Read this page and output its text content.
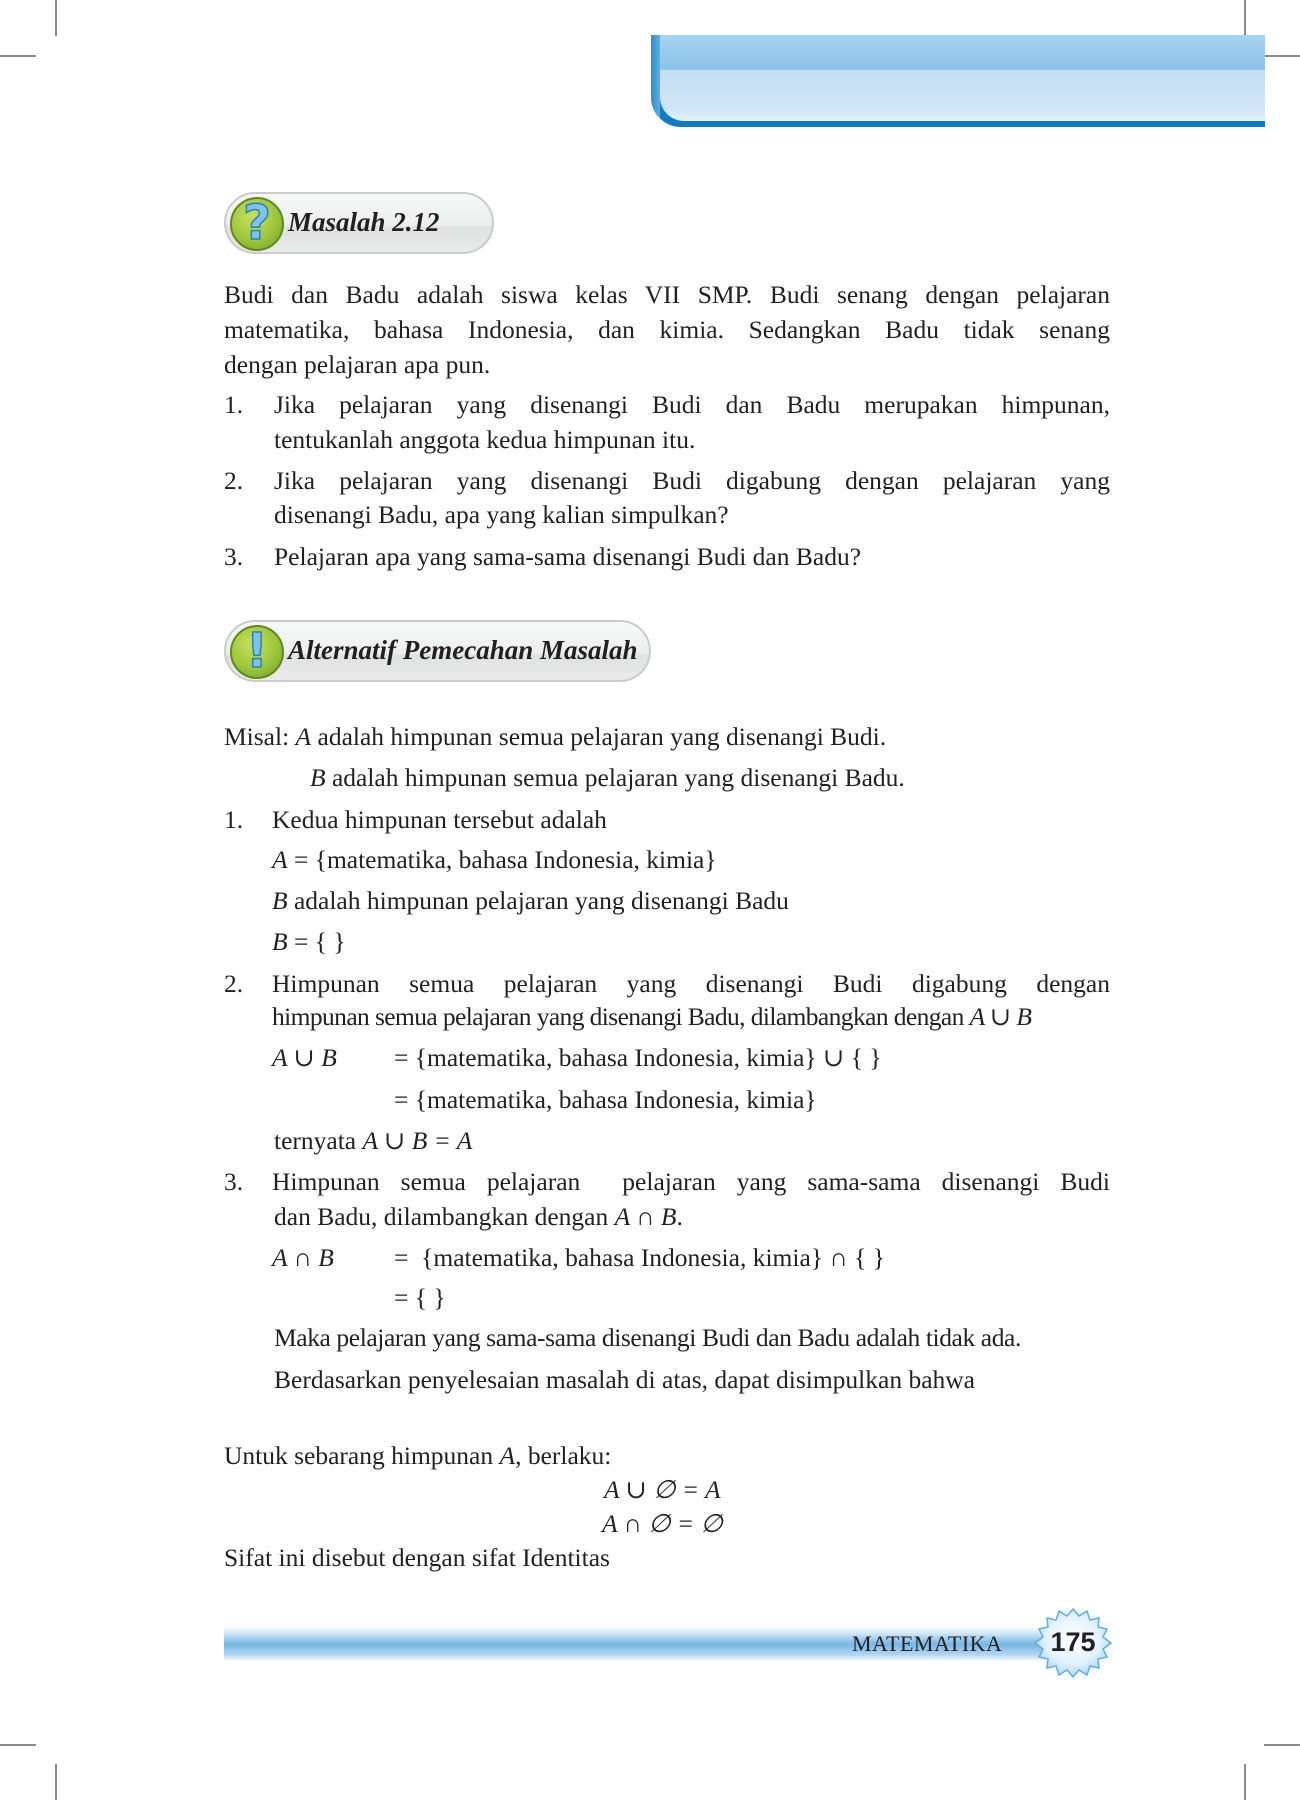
? Masalah 2.12
Budi dan Badu adalah siswa kelas VII SMP. Budi senang dengan pelajaran
matematika, bahasa Indonesia, dan kimia. Sedangkan Badu tidak senang
dengan pelajaran apa pun.
1. Jika pelajaran yang disenangi Budi dan Badu merupakan himpunan,
tentukanlah anggota kedua himpunan itu.
2. Jika pelajaran yang disenangi Budi digabung dengan pelajaran yang
disenangi Badu, apa yang kalian simpulkan?
3. Pelajaran apa yang sama-sama disenangi Budi dan Badu?
! Alternatif Pemecahan Masalah
Misal: A adalah himpunan semua pelajaran yang disenangi Budi.
B adalah himpunan semua pelajaran yang disenangi Badu.
1. Kedua himpunan tersebut adalah
A = {matematika, bahasa Indonesia, kimia}
B adalah himpunan pelajaran yang disenangi Badu
B = { }
2. Himpunan semua pelajaran yang disenangi Budi digabung dengan
himpunan semua pelajaran yang disenangi Badu, dilambangkan dengan A ∪ B
A ∪ B = {matematika, bahasa Indonesia, kimia} ∪ { }
= {matematika, bahasa Indonesia, kimia}
ternyata A ∪ B = A
3. Himpunan semua pelajaran  pelajaran yang sama-sama disenangi Budi
dan Badu, dilambangkan dengan A ∩ B.
A ∩ B =  {matematika, bahasa Indonesia, kimia} ∩ { }
= { }
Maka pelajaran yang sama-sama disenangi Budi dan Badu adalah tidak ada.
Berdasarkan penyelesaian masalah di atas, dapat disimpulkan bahwa
Untuk sebarang himpunan A, berlaku:
A ∪ ∅ = A
A ∩ ∅ = ∅
Sifat ini disebut dengan sifat Identitas
MATEMATIKA	175
